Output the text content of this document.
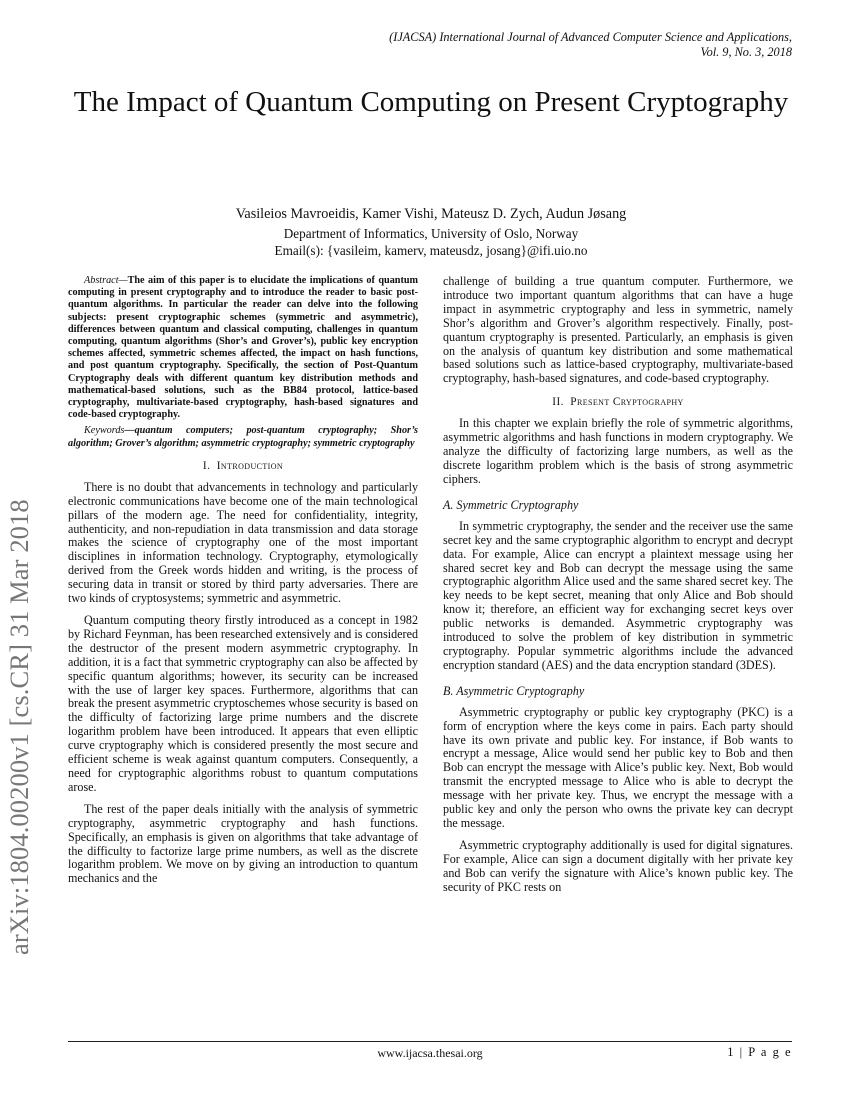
(IJACSA) International Journal of Advanced Computer Science and Applications,
Vol. 9, No. 3, 2018
arXiv:1804.00200v1 [cs.CR] 31 Mar 2018
The Impact of Quantum Computing on Present Cryptography
Vasileios Mavroeidis, Kamer Vishi, Mateusz D. Zych, Audun Jøsang
Department of Informatics, University of Oslo, Norway
Email(s): {vasileim, kamerv, mateusdz, josang}@ifi.uio.no

Abstract—The aim of this paper is to elucidate the implications of quantum computing in present cryptography and to introduce the reader to basic post-quantum algorithms. In particular the reader can delve into the following subjects: present cryptographic schemes (symmetric and asymmetric), differences between quantum and classical computing, challenges in quantum computing, quantum algorithms (Shor’s and Grover’s), public key encryption schemes affected, symmetric schemes affected, the impact on hash functions, and post quantum cryptography. Specifically, the section of Post-Quantum Cryptography deals with different quantum key distribution methods and mathematical-based solutions, such as the BB84 protocol, lattice-based cryptography, multivariate-based cryptography, hash-based signatures and code-based cryptography.

Keywords—quantum computers; post-quantum cryptography; Shor’s algorithm; Grover’s algorithm; asymmetric cryptography; symmetric cryptography

I. Introduction

There is no doubt that advancements in technology and particularly electronic communications have become one of the main technological pillars of the modern age. The need for confidentiality, integrity, authenticity, and non-repudiation in data transmission and data storage makes the science of cryptography one of the most important disciplines in information technology. Cryptography, etymologically derived from the Greek words hidden and writing, is the process of securing data in transit or stored by third party adversaries. There are two kinds of cryptosystems; symmetric and asymmetric.

Quantum computing theory firstly introduced as a concept in 1982 by Richard Feynman, has been researched extensively and is considered the destructor of the present modern asymmetric cryptography. In addition, it is a fact that symmetric cryptography can also be affected by specific quantum algorithms; however, its security can be increased with the use of larger key spaces. Furthermore, algorithms that can break the present asymmetric cryptoschemes whose security is based on the difficulty of factorizing large prime numbers and the discrete logarithm problem have been introduced. It appears that even elliptic curve cryptography which is considered presently the most secure and efficient scheme is weak against quantum computers. Consequently, a need for cryptographic algorithms robust to quantum computations arose.

The rest of the paper deals initially with the analysis of symmetric cryptography, asymmetric cryptography and hash functions. Specifically, an emphasis is given on algorithms that take advantage of the difficulty to factorize large prime numbers, as well as the discrete logarithm problem. We move on by giving an introduction to quantum mechanics and the

challenge of building a true quantum computer. Furthermore, we introduce two important quantum algorithms that can have a huge impact in asymmetric cryptography and less in symmetric, namely Shor’s algorithm and Grover’s algorithm respectively. Finally, post-quantum cryptography is presented. Particularly, an emphasis is given on the analysis of quantum key distribution and some mathematical based solutions such as lattice-based cryptography, multivariate-based cryptography, hash-based signatures, and code-based cryptography.

II. Present Cryptography

In this chapter we explain briefly the role of symmetric algorithms, asymmetric algorithms and hash functions in modern cryptography. We analyze the difficulty of factorizing large numbers, as well as the discrete logarithm problem which is the basis of strong asymmetric ciphers.

A. Symmetric Cryptography

In symmetric cryptography, the sender and the receiver use the same secret key and the same cryptographic algorithm to encrypt and decrypt data. For example, Alice can encrypt a plaintext message using her shared secret key and Bob can decrypt the message using the same cryptographic algorithm Alice used and the same shared secret key. The key needs to be kept secret, meaning that only Alice and Bob should know it; therefore, an efficient way for exchanging secret keys over public networks is demanded. Asymmetric cryptography was introduced to solve the problem of key distribution in symmetric cryptography. Popular symmetric algorithms include the advanced encryption standard (AES) and the data encryption standard (3DES).

B. Asymmetric Cryptography

Asymmetric cryptography or public key cryptography (PKC) is a form of encryption where the keys come in pairs. Each party should have its own private and public key. For instance, if Bob wants to encrypt a message, Alice would send her public key to Bob and then Bob can encrypt the message with Alice’s public key. Next, Bob would transmit the encrypted message to Alice who is able to decrypt the message with her private key. Thus, we encrypt the message with a public key and only the person who owns the private key can decrypt the message.

Asymmetric cryptography additionally is used for digital signatures. For example, Alice can sign a document digitally with her private key and Bob can verify the signature with Alice’s known public key. The security of PKC rests on

www.ijacsa.thesai.org	1 | P a g e
